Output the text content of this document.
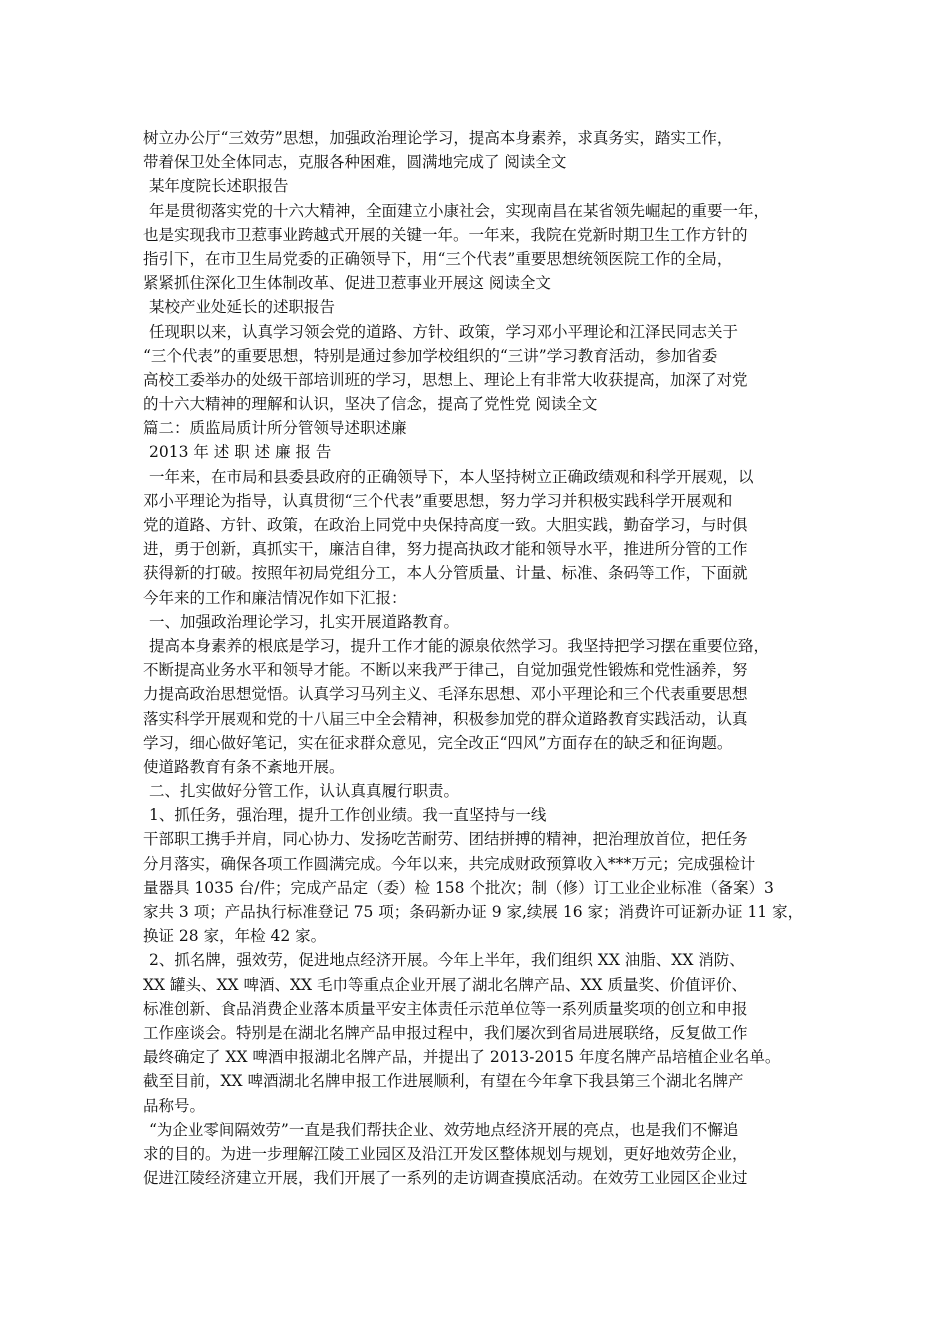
树立办公厅“三效劳”思想，加强政治理论学习，提高本身素养，求真务实，踏实工作，
带着保卫处全体同志，克服各种困难，圆满地完成了 阅读全文
某年度院长述职报告
年是贯彻落实党的十六大精神，全面建立小康社会，实现南昌在某省领先崛起的重要一年，
也是实现我市卫惹事业跨越式开展的关键一年。一年来，我院在党新时期卫生工作方针的
指引下，在市卫生局党委的正确领导下，用“三个代表”重要思想统领医院工作的全局，
紧紧抓住深化卫生体制改革、促进卫惹事业开展这 阅读全文
某校产业处延长的述职报告
任现职以来，认真学习领会党的道路、方针、政策，学习邓小平理论和江泽民同志关于
“三个代表”的重要思想，特别是通过参加学校组织的“三讲”学习教育活动，参加省委
高校工委举办的处级干部培训班的学习，思想上、理论上有非常大收获提高，加深了对党
的十六大精神的理解和认识，坚决了信念，提高了党性党 阅读全文
篇二：质监局质计所分管领导述职述廉
2013 年 述 职 述 廉 报 告
一年来，在市局和县委县政府的正确领导下，本人坚持树立正确政绩观和科学开展观，以
邓小平理论为指导，认真贯彻“三个代表”重要思想，努力学习并积极实践科学开展观和
党的道路、方针、政策，在政治上同党中央保持高度一致。大胆实践，勤奋学习，与时俱
进，勇于创新，真抓实干，廉洁自律，努力提高执政才能和领导水平，推进所分管的工作
获得新的打破。按照年初局党组分工，本人分管质量、计量、标准、条码等工作，下面就
今年来的工作和廉洁情况作如下汇报：
一、加强政治理论学习，扎实开展道路教育。
提高本身素养的根底是学习，提升工作才能的源泉依然学习。我坚持把学习摆在重要位臵，
不断提高业务水平和领导才能。不断以来我严于律己，自觉加强党性锻炼和党性涵养，努
力提高政治思想觉悟。认真学习马列主义、毛泽东思想、邓小平理论和三个代表重要思想
落实科学开展观和党的十八届三中全会精神，积极参加党的群众道路教育实践活动，认真
学习，细心做好笔记，实在征求群众意见，完全改正“四风”方面存在的缺乏和征询题。
使道路教育有条不紊地开展。
二、扎实做好分管工作，认认真真履行职责。
1、抓任务，强治理，提升工作创业绩。我一直坚持与一线
干部职工携手并肩，同心协力、发扬吃苦耐劳、团结拼搏的精神，把治理放首位，把任务
分月落实，确保各项工作圆满完成。今年以来，共完成财政预算收入***万元；完成强检计
量器具 1035 台/件；完成产品定（委）检 158 个批次；制（修）订工业企业标准（备案）3
家共 3 项；产品执行标准登记 75 项；条码新办证 9 家,续展 16 家；消费许可证新办证 11 家，
换证 28 家，年检 42 家。
2、抓名牌，强效劳，促进地点经济开展。今年上半年，我们组织 XX 油脂、XX 消防、
XX 罐头、XX 啤酒、XX 毛巾等重点企业开展了湖北名牌产品、XX 质量奖、价值评价、
标准创新、食品消费企业落本质量平安主体责任示范单位等一系列质量奖项的创立和申报
工作座谈会。特别是在湖北名牌产品申报过程中，我们屡次到省局进展联络，反复做工作
最终确定了 XX 啤酒申报湖北名牌产品，并提出了 2013-2015 年度名牌产品培植企业名单。
截至目前，XX 啤酒湖北名牌申报工作进展顺利，有望在今年拿下我县第三个湖北名牌产
品称号。
“为企业零间隔效劳”一直是我们帮扶企业、效劳地点经济开展的亮点，也是我们不懈追
求的目的。为进一步理解江陵工业园区及沿江开发区整体规划与规划，更好地效劳企业，
促进江陵经济建立开展，我们开展了一系列的走访调查摸底活动。在效劳工业园区企业过
